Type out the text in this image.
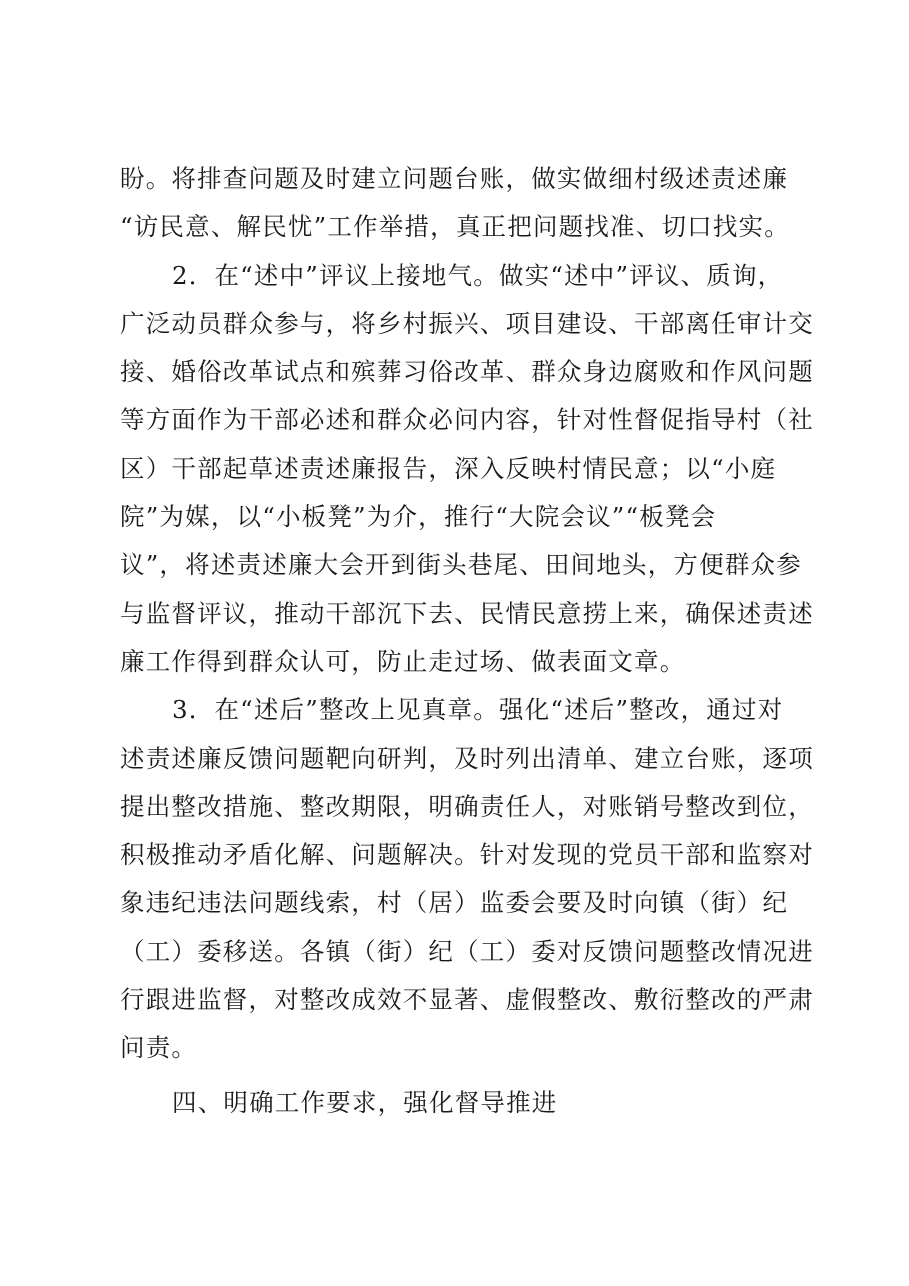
盼。将排查问题及时建立问题台账，做实做细村级述责述廉
“访民意、解民忧”工作举措，真正把问题找准、切口找实。

2．在“述中”评议上接地气。做实“述中”评议、质询，
广泛动员群众参与，将乡村振兴、项目建设、干部离任审计交
接、婚俗改革试点和殡葬习俗改革、群众身边腐败和作风问题
等方面作为干部必述和群众必问内容，针对性督促指导村（社
区）干部起草述责述廉报告，深入反映村情民意；以“小庭
院”为媒，以“小板凳”为介，推行“大院会议”“板凳会
议”，将述责述廉大会开到街头巷尾、田间地头，方便群众参
与监督评议，推动干部沉下去、民情民意捞上来，确保述责述
廉工作得到群众认可，防止走过场、做表面文章。

3．在“述后”整改上见真章。强化“述后”整改，通过对
述责述廉反馈问题靶向研判，及时列出清单、建立台账，逐项
提出整改措施、整改期限，明确责任人，对账销号整改到位，
积极推动矛盾化解、问题解决。针对发现的党员干部和监察对
象违纪违法问题线索，村（居）监委会要及时向镇（街）纪
（工）委移送。各镇（街）纪（工）委对反馈问题整改情况进
行跟进监督，对整改成效不显著、虚假整改、敷衍整改的严肃
问责。

四、明确工作要求，强化督导推进
